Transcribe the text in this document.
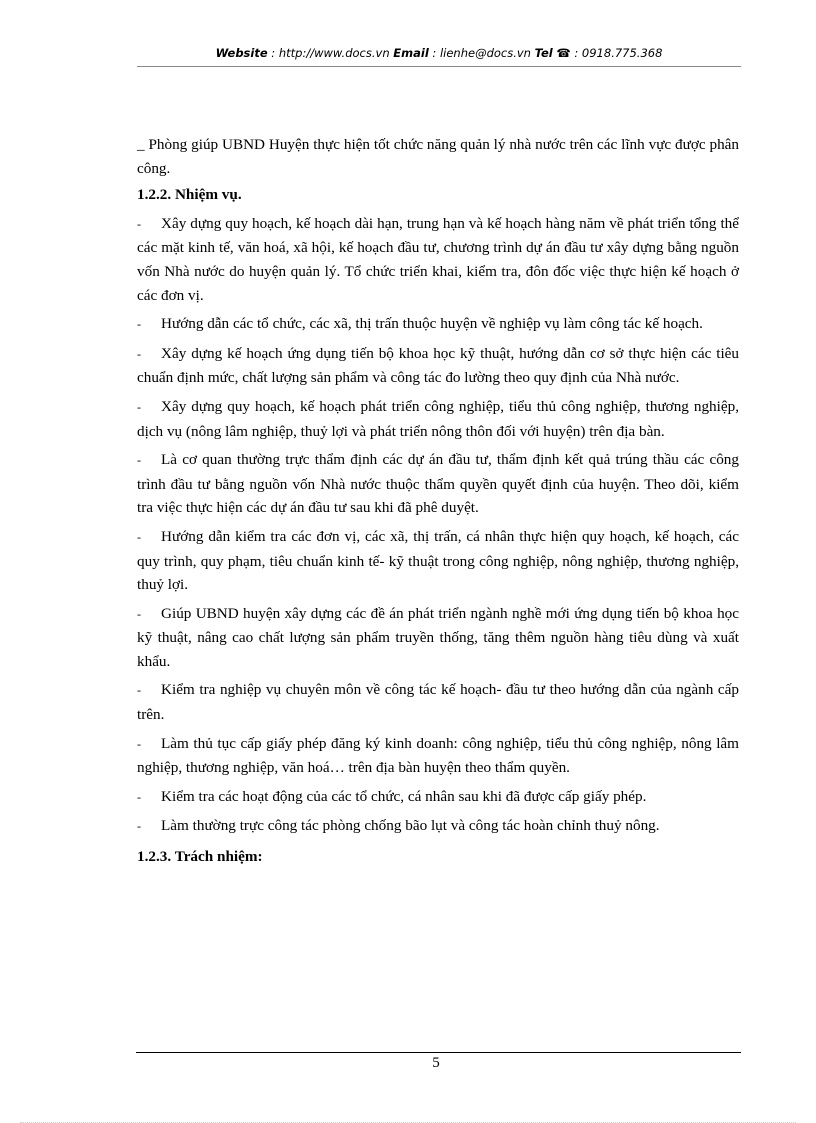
Website : http://www.docs.vn Email : lienhe@docs.vn Tel ☎ : 0918.775.368

_ Phòng giúp UBND Huyện thực hiện tốt chức năng quản lý nhà nước trên các lĩnh vực được phân công.

1.2.2. Nhiệm vụ.

- Xây dựng quy hoạch, kế hoạch dài hạn, trung hạn và kế hoạch hàng năm về phát triển tổng thể các mặt kinh tế, văn hoá, xã hội, kế hoạch đầu tư, chương trình dự án đầu tư xây dựng bằng nguồn vốn Nhà nước do huyện quản lý. Tổ chức triển khai, kiểm tra, đôn đốc việc thực hiện kế hoạch ở các đơn vị.

- Hướng dẫn các tổ chức, các xã, thị trấn thuộc huyện về nghiệp vụ làm công tác kế hoạch.

- Xây dựng kế hoạch ứng dụng tiến bộ khoa học kỹ thuật, hướng dẫn cơ sở thực hiện các tiêu chuẩn định mức, chất lượng sản phẩm và công tác đo lường theo quy định của Nhà nước.

- Xây dựng quy hoạch, kế hoạch phát triển công nghiệp, tiểu thủ công nghiệp, thương nghiệp, dịch vụ (nông lâm nghiệp, thuỷ lợi và phát triển nông thôn đối với huyện) trên địa bàn.

- Là cơ quan thường trực thẩm định các dự án đầu tư, thẩm định kết quả trúng thầu các công trình đầu tư bằng nguồn vốn Nhà nước thuộc thẩm quyền quyết định của huyện. Theo dõi, kiểm tra việc thực hiện các dự án đầu tư sau khi đã phê duyệt.

- Hướng dẫn kiểm tra các đơn vị, các xã, thị trấn, cá nhân thực hiện quy hoạch, kế hoạch, các quy trình, quy phạm, tiêu chuẩn kinh tế- kỹ thuật trong công nghiệp, nông nghiệp, thương nghiệp, thuỷ lợi.

- Giúp UBND huyện xây dựng các đề án phát triển ngành nghề mới ứng dụng tiến bộ khoa học kỹ thuật, nâng cao chất lượng sản phẩm truyền thống, tăng thêm nguồn hàng tiêu dùng và xuất khẩu.

- Kiểm tra nghiệp vụ chuyên môn về công tác kế hoạch- đầu tư theo hướng dẫn của ngành cấp trên.

- Làm thủ tục cấp giấy phép đăng ký kinh doanh: công nghiệp, tiểu thủ công nghiệp, nông lâm nghiệp, thương nghiệp, văn hoá… trên địa bàn huyện theo thẩm quyền.

- Kiểm tra các hoạt động của các tổ chức, cá nhân sau khi đã được cấp giấy phép.

- Làm thường trực công tác phòng chống bão lụt và công tác hoàn chỉnh thuỷ nông.

1.2.3. Trách nhiệm:

5
